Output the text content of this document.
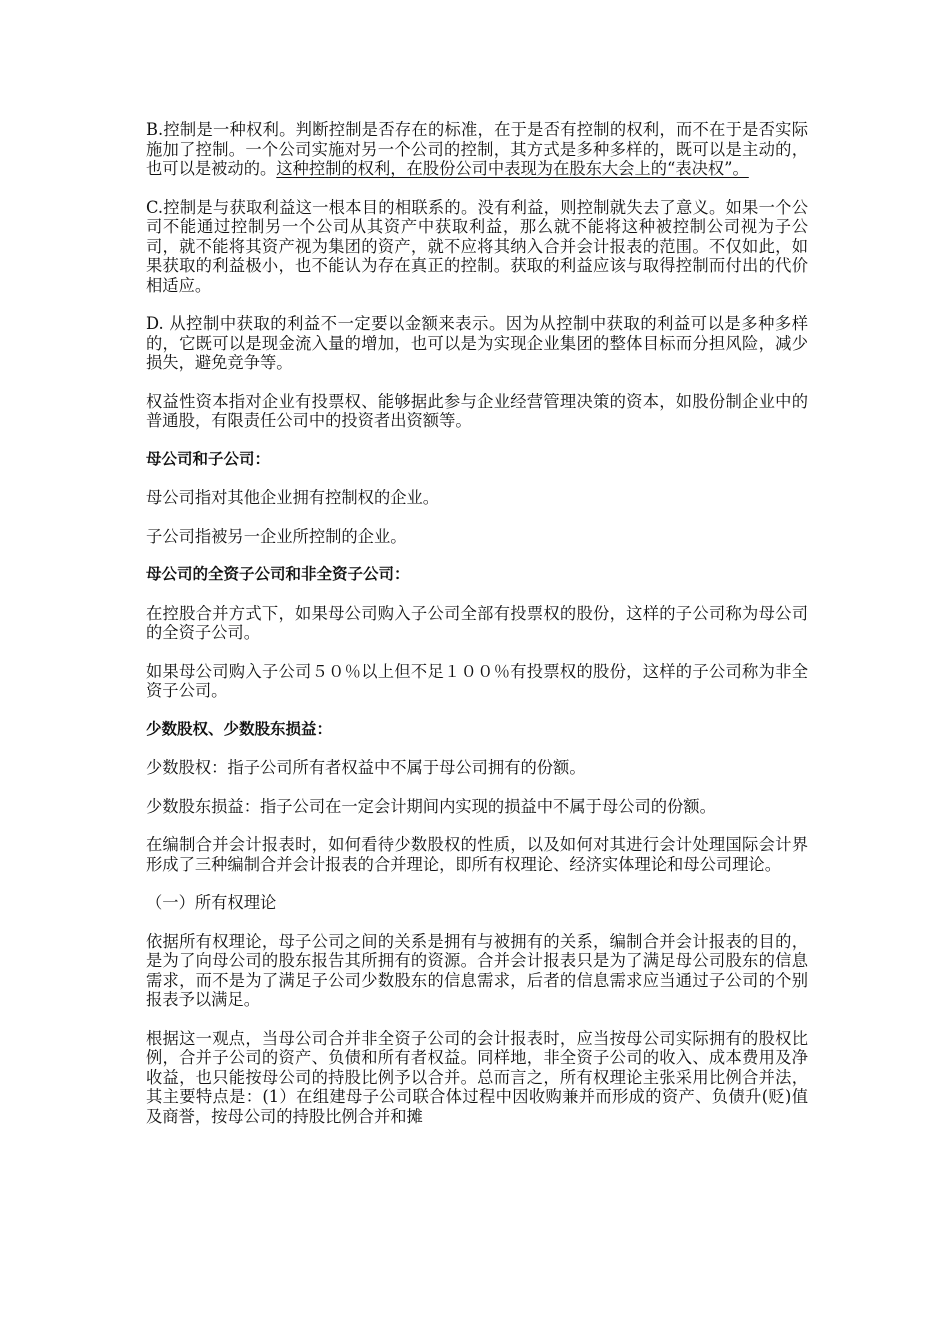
B.控制是一种权利。判断控制是否存在的标准，在于是否有控制的权利，而不在于是否实际施加了控制。一个公司实施对另一个公司的控制，其方式是多种多样的，既可以是主动的，也可以是被动的。这种控制的权利，在股份公司中表现为在股东大会上的“表决权”。

C.控制是与获取利益这一根本目的相联系的。没有利益，则控制就失去了意义。如果一个公司不能通过控制另一个公司从其资产中获取利益，那么就不能将这种被控制公司视为子公司，就不能将其资产视为集团的资产，就不应将其纳入合并会计报表的范围。不仅如此，如果获取的利益极小，也不能认为存在真正的控制。获取的利益应该与取得控制而付出的代价相适应。

D. 从控制中获取的利益不一定要以金额来表示。因为从控制中获取的利益可以是多种多样的，它既可以是现金流入量的增加，也可以是为实现企业集团的整体目标而分担风险，减少损失，避免竞争等。

权益性资本指对企业有投票权、能够据此参与企业经营管理决策的资本，如股份制企业中的普通股，有限责任公司中的投资者出资额等。

母公司和子公司：

母公司指对其他企业拥有控制权的企业。

子公司指被另一企业所控制的企业。

母公司的全资子公司和非全资子公司：

在控股合并方式下，如果母公司购入子公司全部有投票权的股份，这样的子公司称为母公司的全资子公司。

如果母公司购入子公司５０％以上但不足１００％有投票权的股份，这样的子公司称为非全资子公司。

少数股权、少数股东损益：

少数股权：指子公司所有者权益中不属于母公司拥有的份额。

少数股东损益：指子公司在一定会计期间内实现的损益中不属于母公司的份额。

在编制合并会计报表时，如何看待少数股权的性质，以及如何对其进行会计处理国际会计界形成了三种编制合并会计报表的合并理论，即所有权理论、经济实体理论和母公司理论。

（一）所有权理论

依据所有权理论，母子公司之间的关系是拥有与被拥有的关系，编制合并会计报表的目的，是为了向母公司的股东报告其所拥有的资源。合并会计报表只是为了满足母公司股东的信息需求，而不是为了满足子公司少数股东的信息需求，后者的信息需求应当通过子公司的个别报表予以满足。

根据这一观点，当母公司合并非全资子公司的会计报表时，应当按母公司实际拥有的股权比例，合并子公司的资产、负债和所有者权益。同样地，非全资子公司的收入、成本费用及净收益，也只能按母公司的持股比例予以合并。总而言之，所有权理论主张采用比例合并法，其主要特点是：(1）在组建母子公司联合体过程中因收购兼并而形成的资产、负债升(贬)值及商誉，按母公司的持股比例合并和摊
